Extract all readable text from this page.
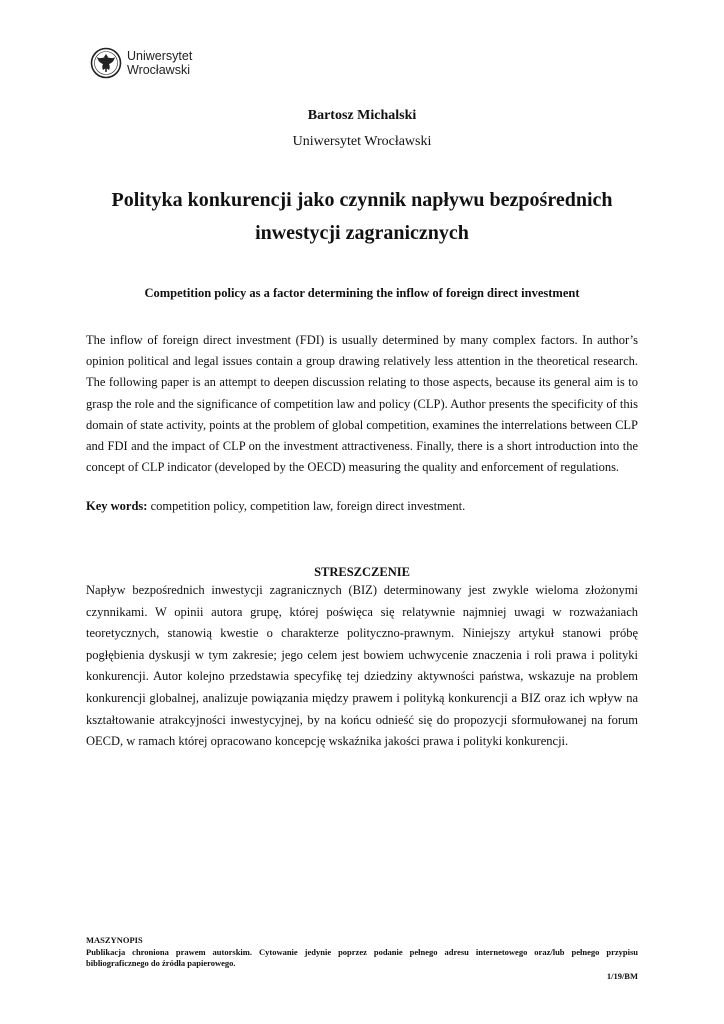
Uniwersytet
Wrocławski
Bartosz Michalski
Uniwersytet Wrocławski
Polityka konkurencji jako czynnik napływu bezpośrednich inwestycji zagranicznych
Competition policy as a factor determining the inflow of foreign direct investment

The inflow of foreign direct investment (FDI) is usually determined by many complex factors. In author’s opinion political and legal issues contain a group drawing relatively less attention in the theoretical research. The following paper is an attempt to deepen discussion relating to those aspects, because its general aim is to grasp the role and the significance of competition law and policy (CLP). Author presents the specificity of this domain of state activity, points at the problem of global competition, examines the interrelations between CLP and FDI and the impact of CLP on the investment attractiveness. Finally, there is a short introduction into the concept of CLP indicator (developed by the OECD) measuring the quality and enforcement of regulations.

Key words: competition policy, competition law, foreign direct investment.

STRESZCZENIE

Napływ bezpośrednich inwestycji zagranicznych (BIZ) determinowany jest zwykle wieloma złożonymi czynnikami. W opinii autora grupę, której poświęca się relatywnie najmniej uwagi w rozważaniach teoretycznych, stanowią kwestie o charakterze polityczno-prawnym. Niniejszy artykuł stanowi próbę pogłębienia dyskusji w tym zakresie; jego celem jest bowiem uchwycenie znaczenia i roli prawa i polityki konkurencji. Autor kolejno przedstawia specyfikę tej dziedziny aktywności państwa, wskazuje na problem konkurencji globalnej, analizuje powiązania między prawem i polityką konkurencji a BIZ oraz ich wpływ na kształtowanie atrakcyjności inwestycyjnej, by na końcu odnieść się do propozycji sformułowanej na forum OECD, w ramach której opracowano koncepcję wskaźnika jakości prawa i polityki konkurencji.

MASZYNOPIS
Publikacja chroniona prawem autorskim. Cytowanie jedynie poprzez podanie pełnego adresu internetowego oraz/lub pełnego przypisu bibliograficznego do źródła papierowego.
1/19/BM
